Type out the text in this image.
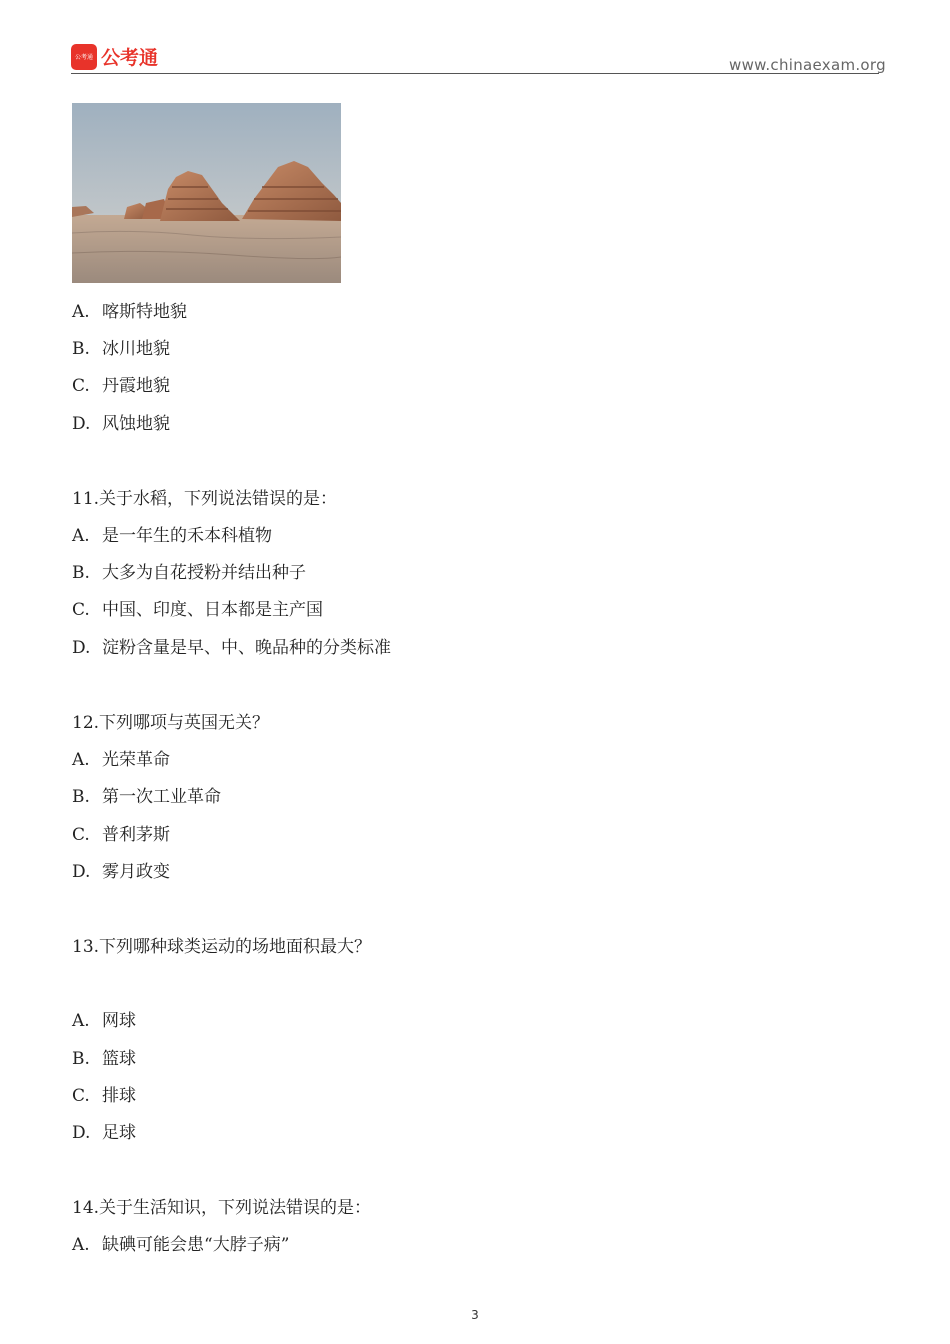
公考通 公考通	www.chinaexam.org
A. 喀斯特地貌
B. 冰川地貌
C. 丹霞地貌
D. 风蚀地貌
11.关于水稻，下列说法错误的是：
A. 是一年生的禾本科植物
B. 大多为自花授粉并结出种子
C. 中国、印度、日本都是主产国
D. 淀粉含量是早、中、晚品种的分类标准
12.下列哪项与英国无关？
A. 光荣革命
B. 第一次工业革命
C. 普利茅斯
D. 雾月政变
13.下列哪种球类运动的场地面积最大？
A. 网球
B. 篮球
C. 排球
D. 足球
14.关于生活知识，下列说法错误的是：
A. 缺碘可能会患“大脖子病”
3
